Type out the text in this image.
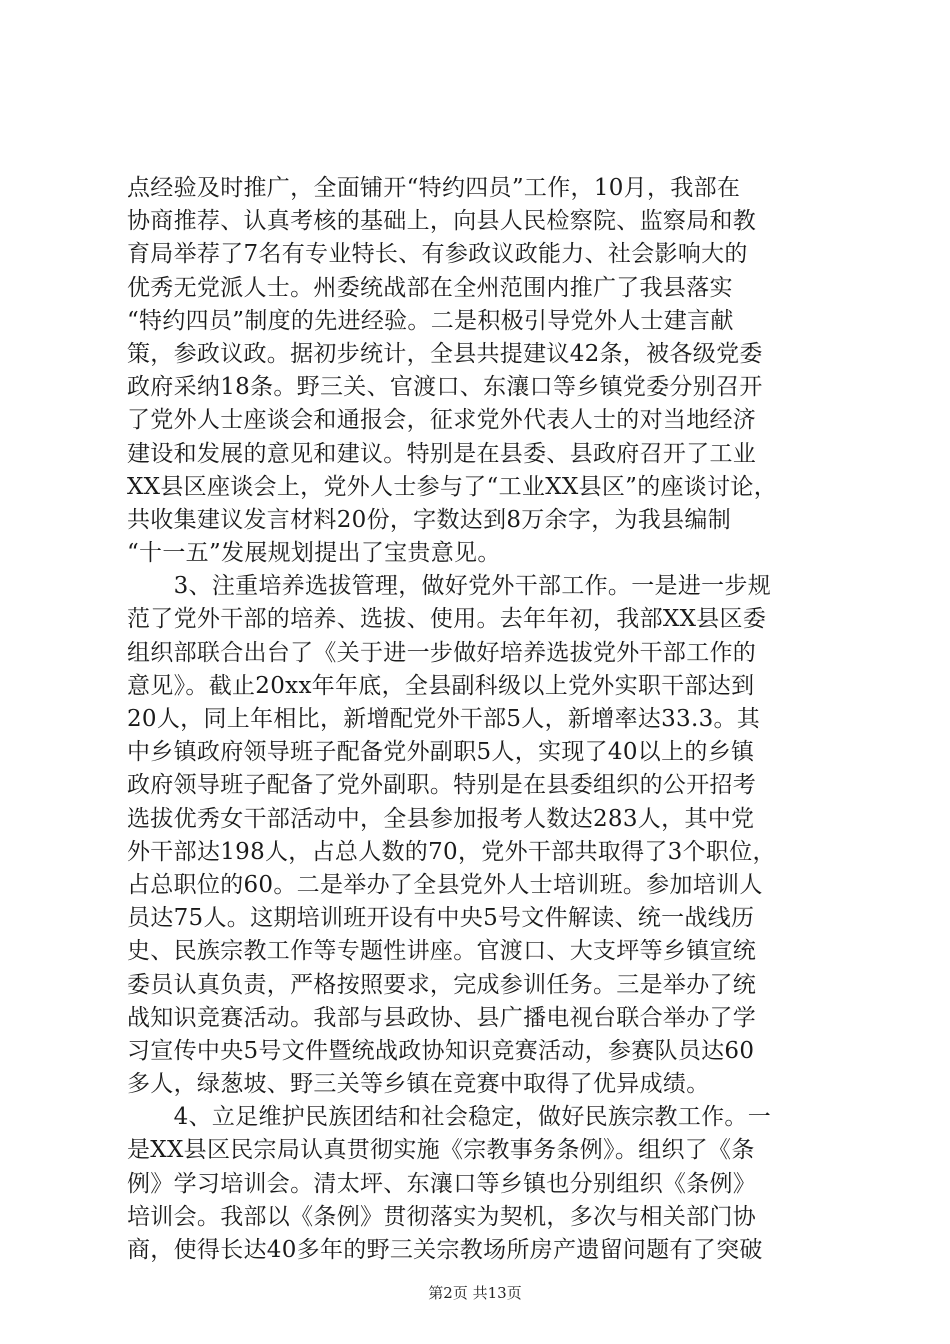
点经验及时推广，全面铺开“特约四员”工作，10月，我部在
协商推荐、认真考核的基础上，向县人民检察院、监察局和教
育局举荐了7名有专业特长、有参政议政能力、社会影响大的
优秀无党派人士。州委统战部在全州范围内推广了我县落实
“特约四员”制度的先进经验。二是积极引导党外人士建言献
策，参政议政。据初步统计，全县共提建议42条，被各级党委
政府采纳18条。野三关、官渡口、东瀼口等乡镇党委分别召开
了党外人士座谈会和通报会，征求党外代表人士的对当地经济
建设和发展的意见和建议。特别是在县委、县政府召开了工业
XX县区座谈会上，党外人士参与了“工业XX县区”的座谈讨论，
共收集建议发言材料20份，字数达到8万余字，为我县编制
“十一五”发展规划提出了宝贵意见。
　　3、注重培养选拔管理，做好党外干部工作。一是进一步规
范了党外干部的培养、选拔、使用。去年年初，我部XX县区委
组织部联合出台了《关于进一步做好培养选拔党外干部工作的
意见》。截止20xx年年底，全县副科级以上党外实职干部达到
20人，同上年相比，新增配党外干部5人，新增率达33.3。其
中乡镇政府领导班子配备党外副职5人，实现了40以上的乡镇
政府领导班子配备了党外副职。特别是在县委组织的公开招考
选拔优秀女干部活动中，全县参加报考人数达283人，其中党
外干部达198人，占总人数的70，党外干部共取得了3个职位，
占总职位的60。二是举办了全县党外人士培训班。参加培训人
员达75人。这期培训班开设有中央5号文件解读、统一战线历
史、民族宗教工作等专题性讲座。官渡口、大支坪等乡镇宣统
委员认真负责，严格按照要求，完成参训任务。三是举办了统
战知识竞赛活动。我部与县政协、县广播电视台联合举办了学
习宣传中央5号文件暨统战政协知识竞赛活动，参赛队员达60
多人，绿葱坡、野三关等乡镇在竞赛中取得了优异成绩。
　　4、立足维护民族团结和社会稳定，做好民族宗教工作。一
是XX县区民宗局认真贯彻实施《宗教事务条例》。组织了《条
例》学习培训会。清太坪、东瀼口等乡镇也分别组织《条例》
培训会。我部以《条例》贯彻落实为契机，多次与相关部门协
商，使得长达40多年的野三关宗教场所房产遗留问题有了突破
第2页 共13页
